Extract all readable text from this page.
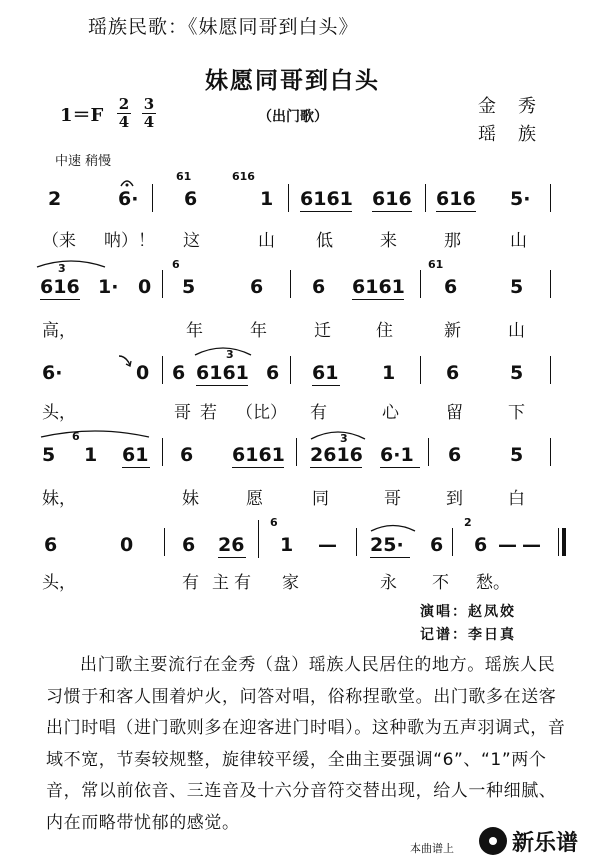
瑶族民歌：《妹愿同哥到白头》
妹愿同哥到白头
1＝F
2
4
3
4	（出门歌）	金秀
瑶族
中速 稍慢
2	6·
61
6
616
1 6161 616 616 5·
（来 呐）！ 这	山 低	来	那	山
3
616 1· 0
6
5	6	6 6161
61
6	5
高，	年	年	迁	住	新	山
6·	0 6
3
6161 6 61 1	6	5
头，	哥 若 （比） 有	心	留	下
5
6
1 61 6 6161
3
2616 6·1 6	5
妹，	妹	愿	同	哥	到	白
6	0	6 26
6
1 — 25· 6
2
6 — —
头，	有 主 有 家	永 不 愁。
演唱：赵凤姣
记谱：李日真
出门歌主要流行在金秀（盘）瑶族人民居住的地方。瑶族人民习惯于和客人围着炉火，问答对唱，俗称捏歌堂。出门歌多在送客出门时唱（进门歌则多在迎客进门时唱）。这种歌为五声羽调式，音域不宽，节奏较规整，旋律较平缓，全曲主要强调“6”、“1”两个音，常以前依音、三连音及十六分音符交替出现，给人一种细腻、内在而略带忧郁的感觉。
本曲谱上	新乐谱
